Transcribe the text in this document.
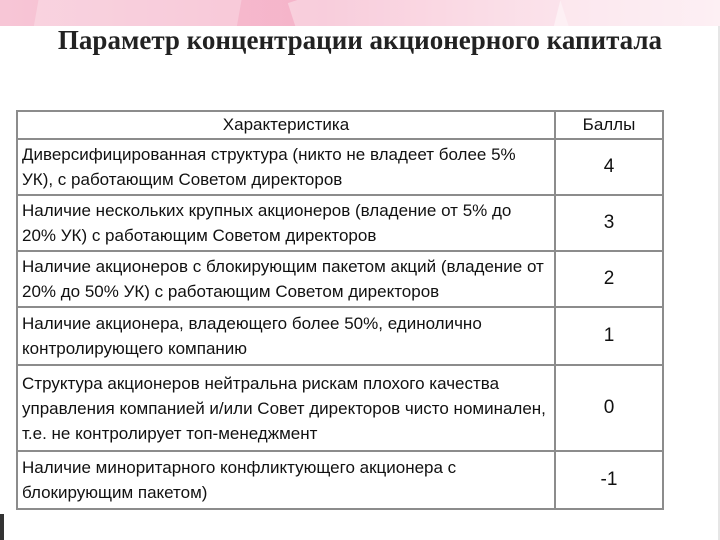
Параметр концентрации акционерного капитала
Характеристика	Баллы
Диверсифицированная структура (никто не владеет более 5% УК), с работающим Советом директоров	4
Наличие нескольких крупных акционеров (владение от 5% до 20% УК) с работающим Советом директоров	3
Наличие акционеров с блокирующим пакетом акций (владение от 20% до 50% УК) с работающим Советом директоров	2
Наличие акционера, владеющего более 50%, единолично контролирующего компанию	1
Структура акционеров нейтральна рискам плохого качества управления компанией и/или Совет директоров чисто номинален, т.е. не контролирует топ-менеджмент	0
Наличие миноритарного конфликтующего акционера с блокирующим пакетом)	-1
